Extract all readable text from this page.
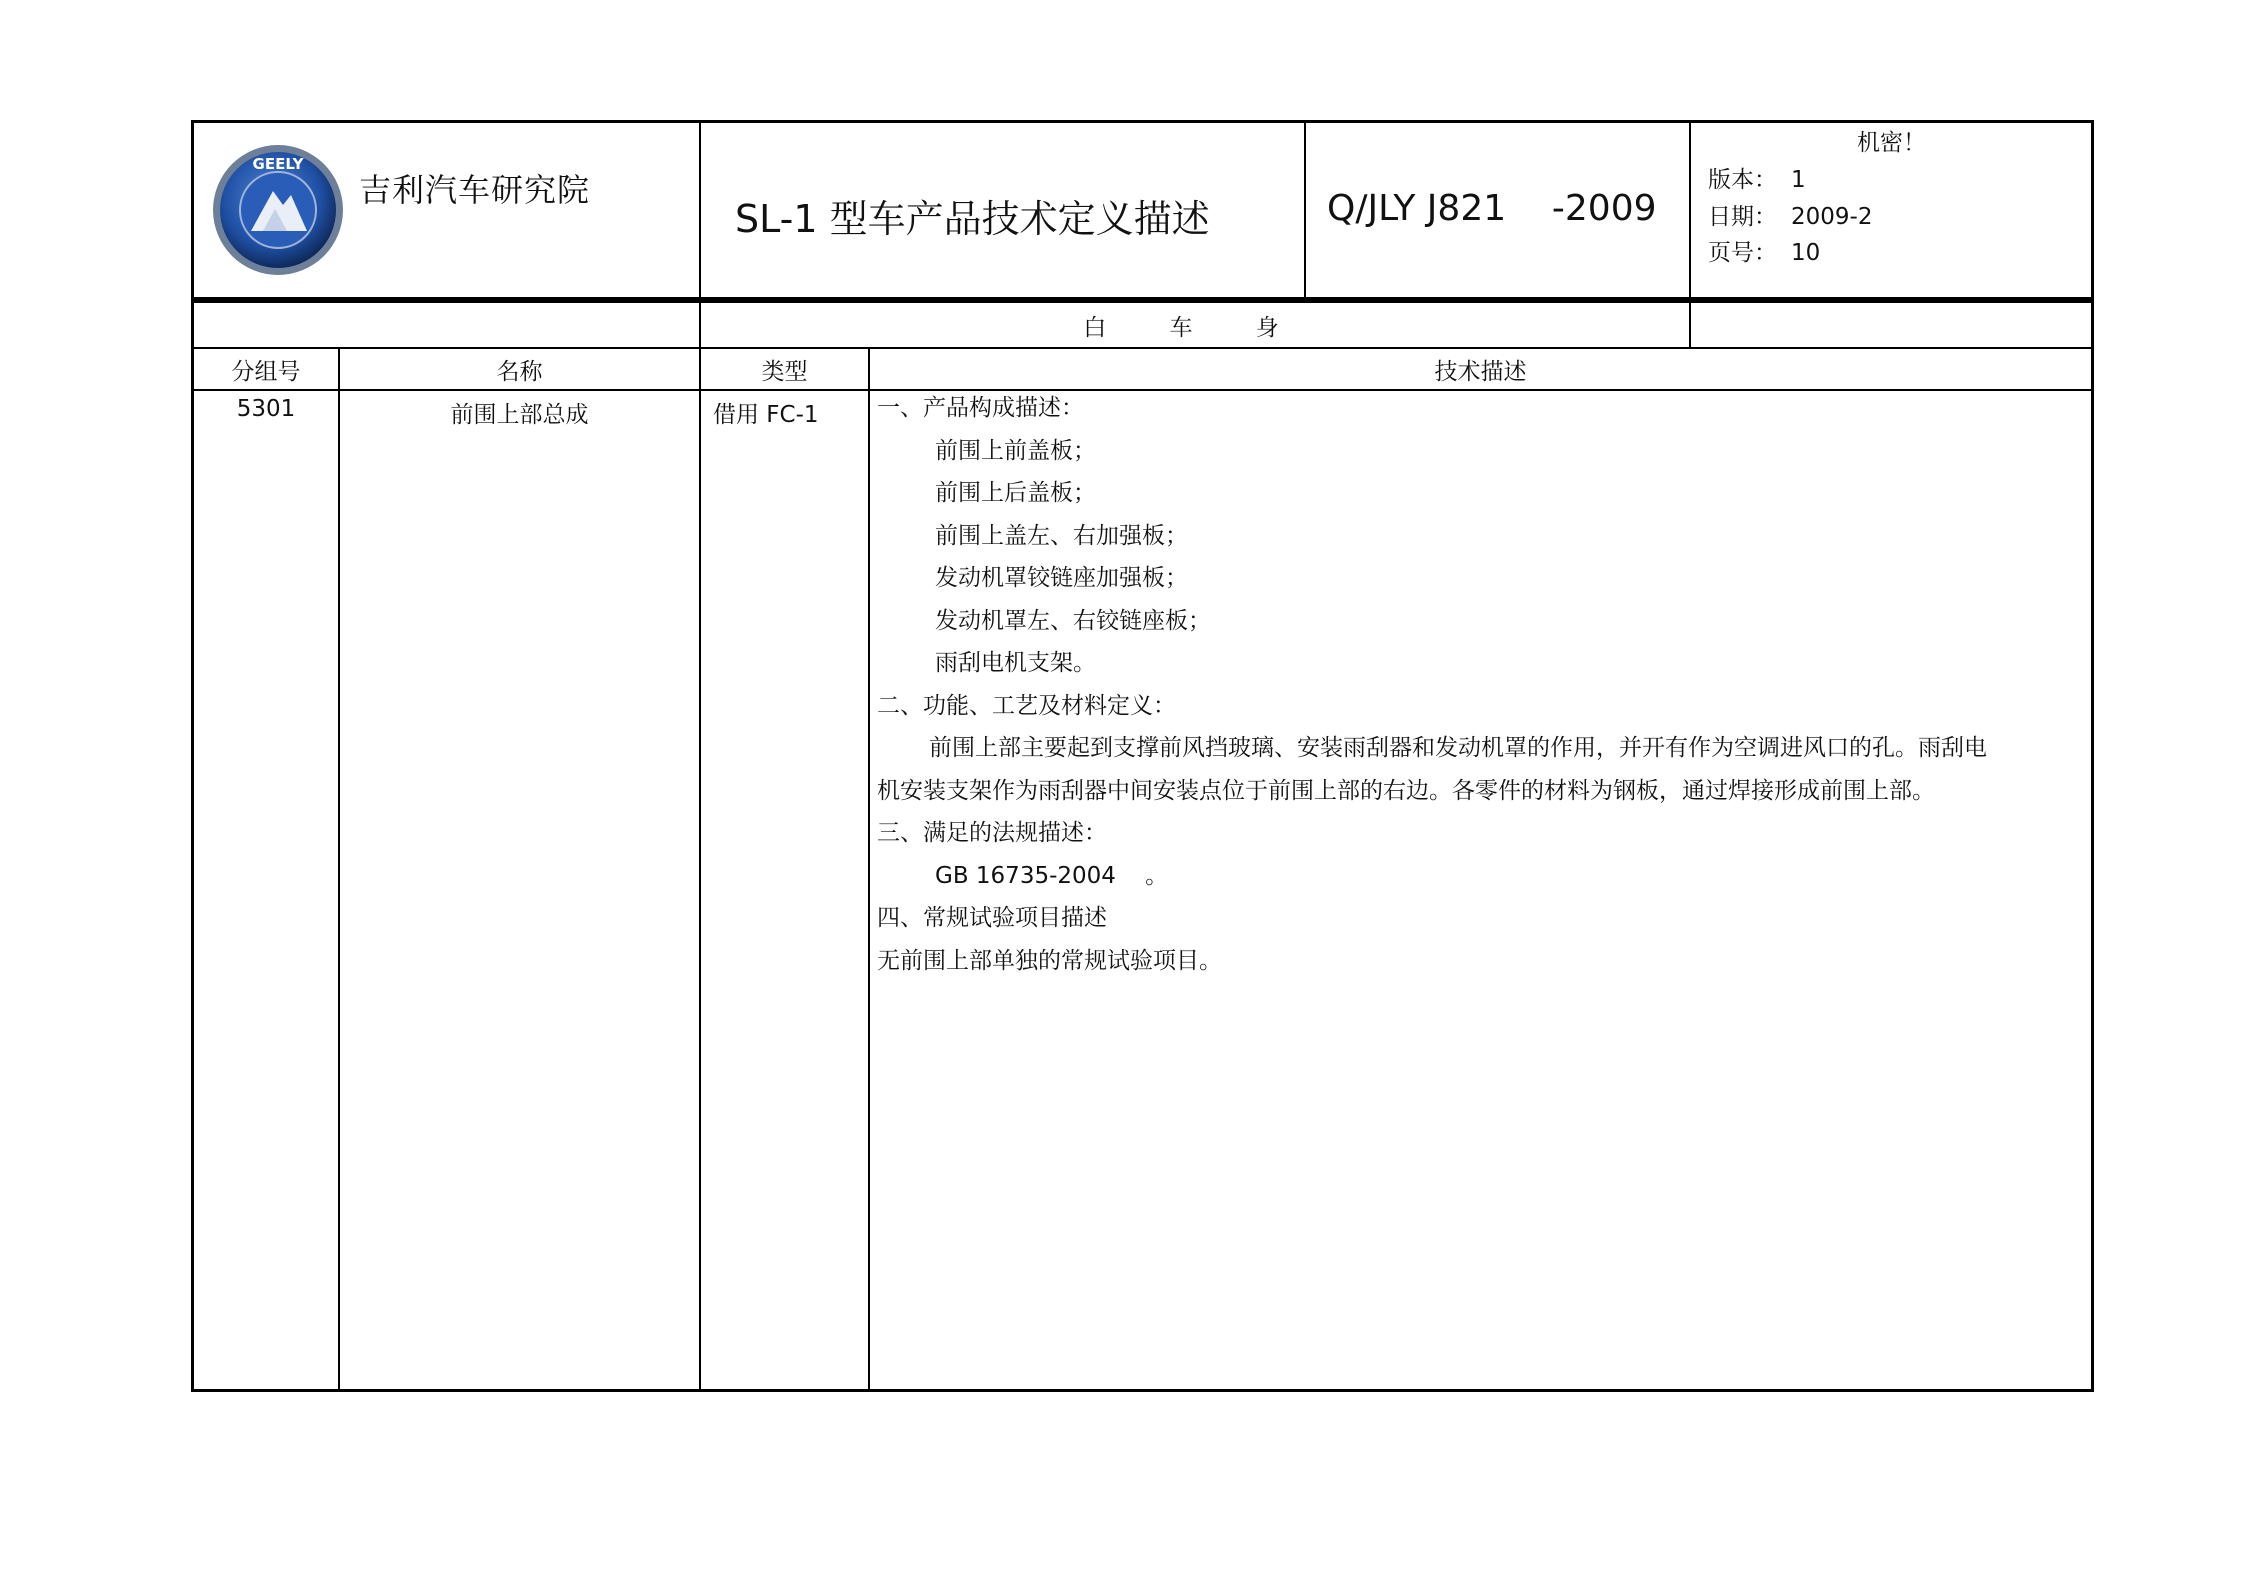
GEELY
吉利汽车研究院
SL-1 型车产品技术定义描述	Q/JLY J821    -2009
机密！
版本： 1
日期： 2009-2
页号： 10
白 车 身
分组号	名称	类型	技术描述
5301	前围上部总成	借用 FC-1	一、产品构成描述：

前围上前盖板；

前围上后盖板；

前围上盖左、右加强板；

发动机罩铰链座加强板；

发动机罩左、右铰链座板；

雨刮电机支架。

二、功能、工艺及材料定义：

前围上部主要起到支撑前风挡玻璃、安装雨刮器和发动机罩的作用，并开有作为空调进风口的孔。雨刮电机安装支架作为雨刮器中间安装点位于前围上部的右边。各零件的材料为钢板，通过焊接形成前围上部。

三、满足的法规描述：

GB 16735-2004    。

四、常规试验项目描述

无前围上部单独的常规试验项目。
